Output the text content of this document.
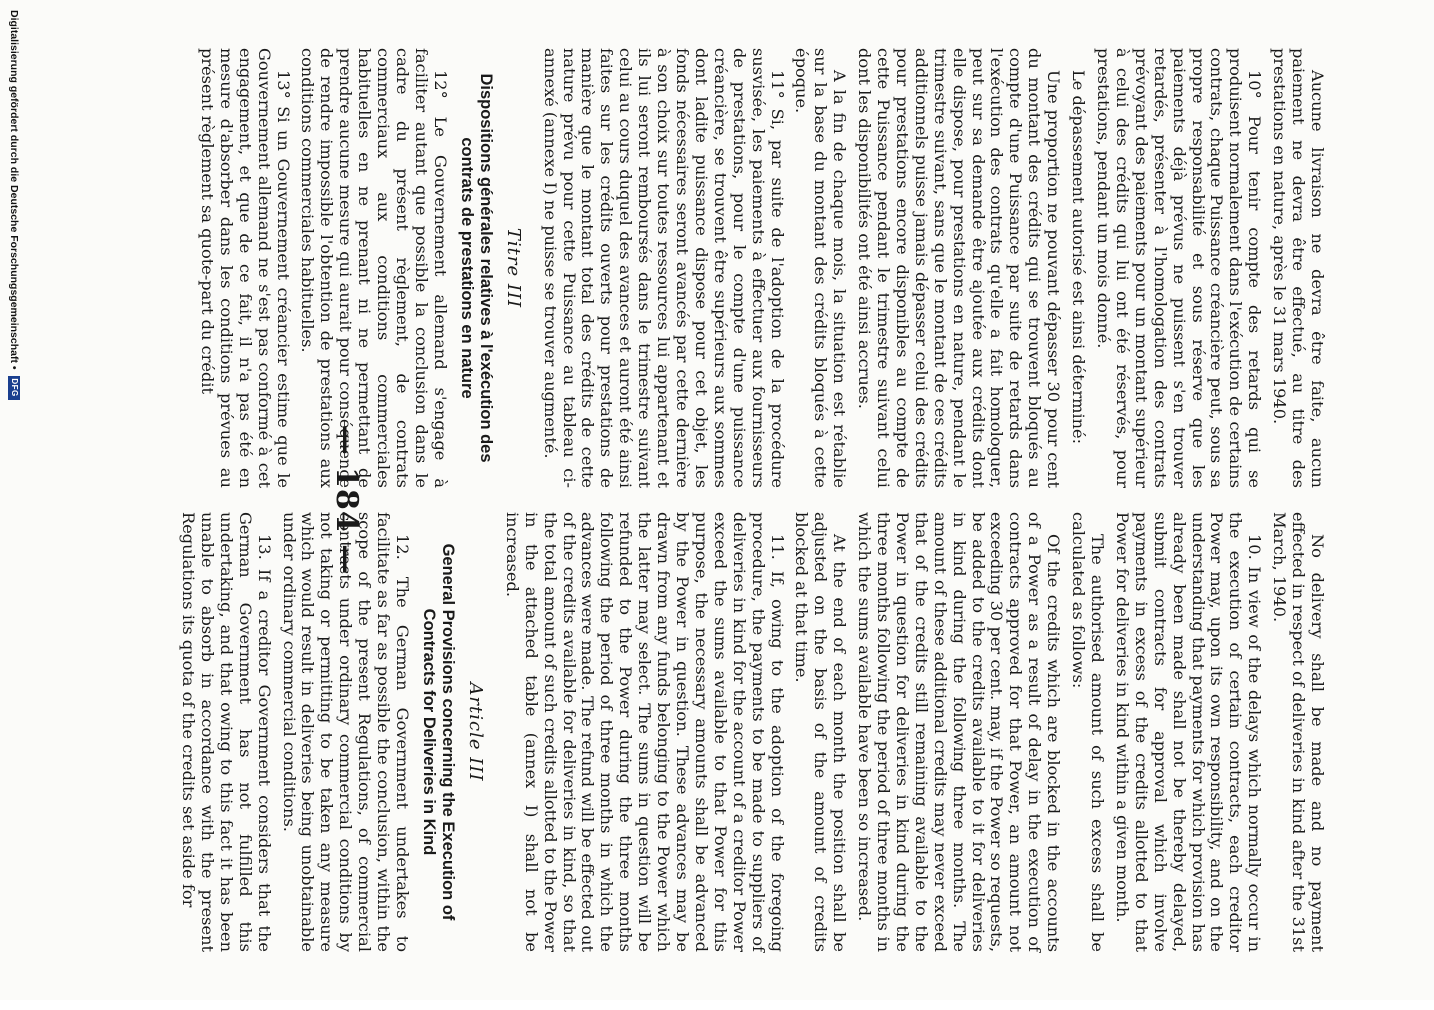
— 184 —

Aucune livraison ne devra être faite, aucun paiement ne devra être effectué, au titre des prestations en nature, après le 31 mars 1940.

10° Pour tenir compte des retards qui se produisent normalement dans l'exécution de certains contrats, chaque Puissance créancière peut, sous sa propre responsabilité et sous réserve que les paiements déjà prévus ne puissent s'en trouver retardés, présenter à l'homologation des contrats prévoyant des paiements pour un montant supérieur à celui des crédits qui lui ont été réservés, pour prestations, pendant un mois donné.

Le dépassement autorisé est ainsi déterminé:

Une proportion ne pouvant dépasser 30 pour cent du montant des crédits qui se trouvent bloqués au compte d'une Puissance par suite de retards dans l'exécution des contrats qu'elle a fait homologuer, peut sur sa demande être ajoutée aux crédits dont elle dispose, pour prestations en nature, pendant le trimestre suivant, sans que le montant de ces crédits additionnels puisse jamais dépasser celui des crédits pour prestations encore disponibles au compte de cette Puissance pendant le trimestre suivant celui dont les disponibilités ont été ainsi accrues.

A la fin de chaque mois, la situation est rétablie sur la base du montant des crédits bloqués à cette époque.

11° Si, par suite de l'adoption de la procédure susvisée, les paiements à effectuer aux fournisseurs de prestations, pour le compte d'une puissance créancière, se trouvent être supérieurs aux sommes dont ladite puissance dispose pour cet objet, les fonds nécessaires seront avancés par cette dernière à son choix sur toutes ressources lui appartenant et ils lui seront remboursés dans le trimestre suivant celui au cours duquel des avances et auront été ainsi faites sur les crédits ouverts pour prestations de manière que le montant total des crédits de cette nature prévu pour cette Puissance au tableau ci-annexé (annexe I) ne puisse se trouver augmenté.

Titre III
Dispositions générales relatives à l'exécution des contrats de prestations en nature

12° Le Gouvernement allemand s'engage à faciliter autant que possible la conclusion dans le cadre du présent règlement, de contrats commerciaux aux conditions commerciales habituelles en ne prenant ni ne permettant de prendre aucune mesure qui aurait pour conséquence de rendre impossible l'obtention de prestations aux conditions commerciales habituelles.

13° Si un Gouvernement créancier estime que le Gouvernement allemand ne s'est pas conformé à cet engagement, et que de ce fait, il n'a pas été en mesure d'absorber dans les conditions prévues au présent règlement sa quote-part du crédit

No delivery shall be made and no payment effected in respect of deliveries in kind after the 31st March, 1940.

10. In view of the delays which normally occur in the execution of certain contracts, each creditor Power may, upon its own responsibility, and on the understanding that payments for which provision has already been made shall not be thereby delayed, submit contracts for approval which involve payments in excess of the credits allotted to that Power for deliveries in kind within a given month.

The authorised amount of such excess shall be calculated as follows:

Of the credits which are blocked in the accounts of a Power as a result of delay in the execution of contracts approved for that Power, an amount not exceeding 30 per cent. may, if the Power so requests, be added to the credits available to it for deliveries in kind during the following three months. The amount of these additional credits may never exceed that of the credits still remaining available to the Power in question for deliveries in kind during the three months following the period of three months in which the sums available have been so increased.

At the end of each month the position shall be adjusted on the basis of the amount of credits blocked at that time.

11. If, owing to the adoption of the foregoing procedure, the payments to be made to suppliers of deliveries in kind for the account of a creditor Power exceed the sums available to that Power for this purpose, the necessary amounts shall be advanced by the Power in question. These advances may be drawn from any funds belonging to the Power which the latter may select. The sums in question will be refunded to the Power during the three months following the period of three months in which the advances were made. The refund will be effected out of the credits available for deliveries in kind, so that the total amount of such credits allotted to the Power in the attached table (annex I) shall not be increased.

Article III
General Provisions concerning the Execution of Contracts for Deliveries in Kind

12. The German Government undertakes to facilitate as far as possible the conclusion, within the scope of the present Regulations, of commercial contracts under ordinary commercial conditions by not taking or permitting to be taken any measure which would result in deliveries being unobtainable under ordinary commercial conditions.

13. If a creditor Government considers that the German Government has not fulfilled this undertaking, and that owing to this fact it has been unable to absorb in accordance with the present Regulations its quota of the credits set aside for

Digitalisierung gefördert durch die Deutsche Forschungsgemeinschaft •
DFG
